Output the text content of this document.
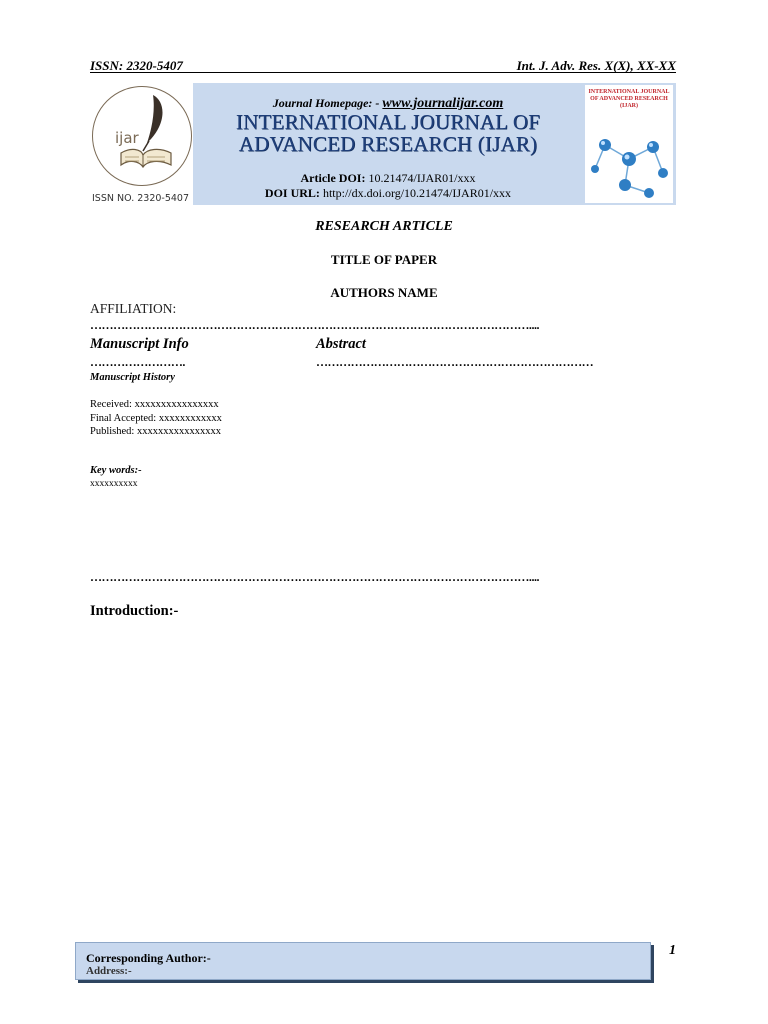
ISSN: 2320-5407	Int. J. Adv. Res. X(X), XX-XX
ijar
ISSN NO. 2320-5407
Journal Homepage: - www.journalijar.com
INTERNATIONAL JOURNAL OF
ADVANCED RESEARCH (IJAR)
Article DOI: 10.21474/IJAR01/xxx
DOI URL: http://dx.doi.org/10.21474/IJAR01/xxx
INTERNATIONAL JOURNAL OF ADVANCED RESEARCH (IJAR)
RESEARCH ARTICLE
TITLE OF PAPER
AUTHORS NAME
AFFILIATION:
……………………………………………………………………………………………………....
Manuscript Info	Abstract
…………………….	………………………………………………………………
Manuscript History
Received: xxxxxxxxxxxxxxxx
Final Accepted: xxxxxxxxxxxx
Published: xxxxxxxxxxxxxxxx
Key words:-
xxxxxxxxxx
……………………………………………………………………………………………………....
Introduction:-
Corresponding Author:-
Address:-
1
